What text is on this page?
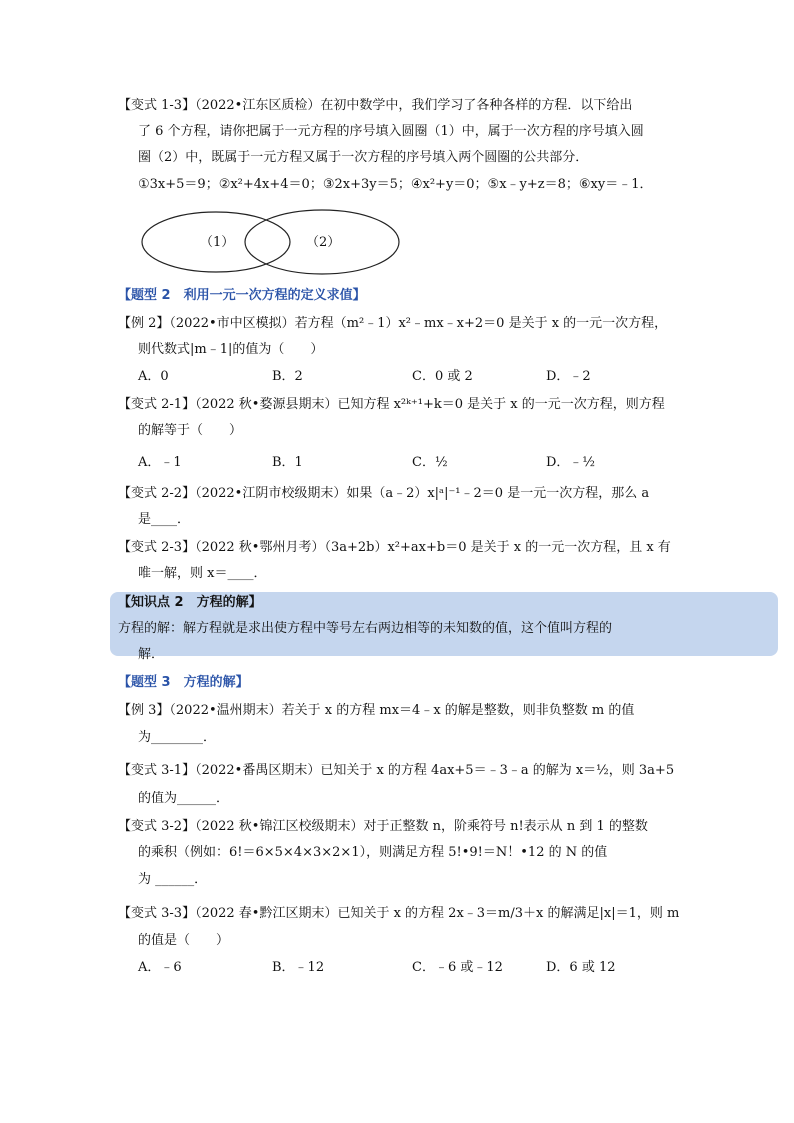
【变式 1-3】（2022•江东区质检）在初中数学中，我们学习了各种各样的方程．以下给出
了 6 个方程，请你把属于一元方程的序号填入圆圈（1）中，属于一次方程的序号填入圆
圈（2）中，既属于一元方程又属于一次方程的序号填入两个圆圈的公共部分．
①3x+5＝9；②x²+4x+4＝0；③2x+3y＝5；④x²+y＝0；⑤x﹣y+z＝8；⑥xy＝﹣1．
（1）	（2）
【题型 2　利用一元一次方程的定义求值】
【例 2】（2022•市中区模拟）若方程（m²﹣1）x²﹣mx﹣x+2＝0 是关于 x 的一元一次方程，
则代数式|m﹣1|的值为（　　）
A．0	B．2	C．0 或 2	D．﹣2
【变式 2-1】（2022 秋•婺源县期末）已知方程 x²ᵏ⁺¹+k＝0 是关于 x 的一元一次方程，则方程
的解等于（　　）
A．﹣1	B．1	C．½	D．﹣½
【变式 2-2】（2022•江阴市校级期末）如果（a﹣2）x|ᵃ|⁻¹﹣2＝0 是一元一次方程，那么 a
是____．
【变式 2-3】（2022 秋•鄂州月考）（3a+2b）x²+ax+b＝0 是关于 x 的一元一次方程，且 x 有
唯一解，则 x＝____．
【知识点 2　方程的解】
方程的解：解方程就是求出使方程中等号左右两边相等的未知数的值，这个值叫方程的
解．
【题型 3　方程的解】
【例 3】（2022•温州期末）若关于 x 的方程 mx＝4﹣x 的解是整数，则非负整数 m 的值
为________．
【变式 3-1】（2022•番禺区期末）已知关于 x 的方程 4ax+5＝﹣3﹣a 的解为 x＝½，则 3a+5
的值为______．
【变式 3-2】（2022 秋•锦江区校级期末）对于正整数 n，阶乘符号 n!表示从 n 到 1 的整数
的乘积（例如：6!＝6×5×4×3×2×1），则满足方程 5!•9!＝N！•12 的 N 的值
为 ______．
【变式 3-3】（2022 春•黔江区期末）已知关于 x 的方程 2x﹣3＝m/3＋x 的解满足|x|＝1，则 m
的值是（　　）
A．﹣6	B．﹣12	C．﹣6 或﹣12	D．6 或 12
